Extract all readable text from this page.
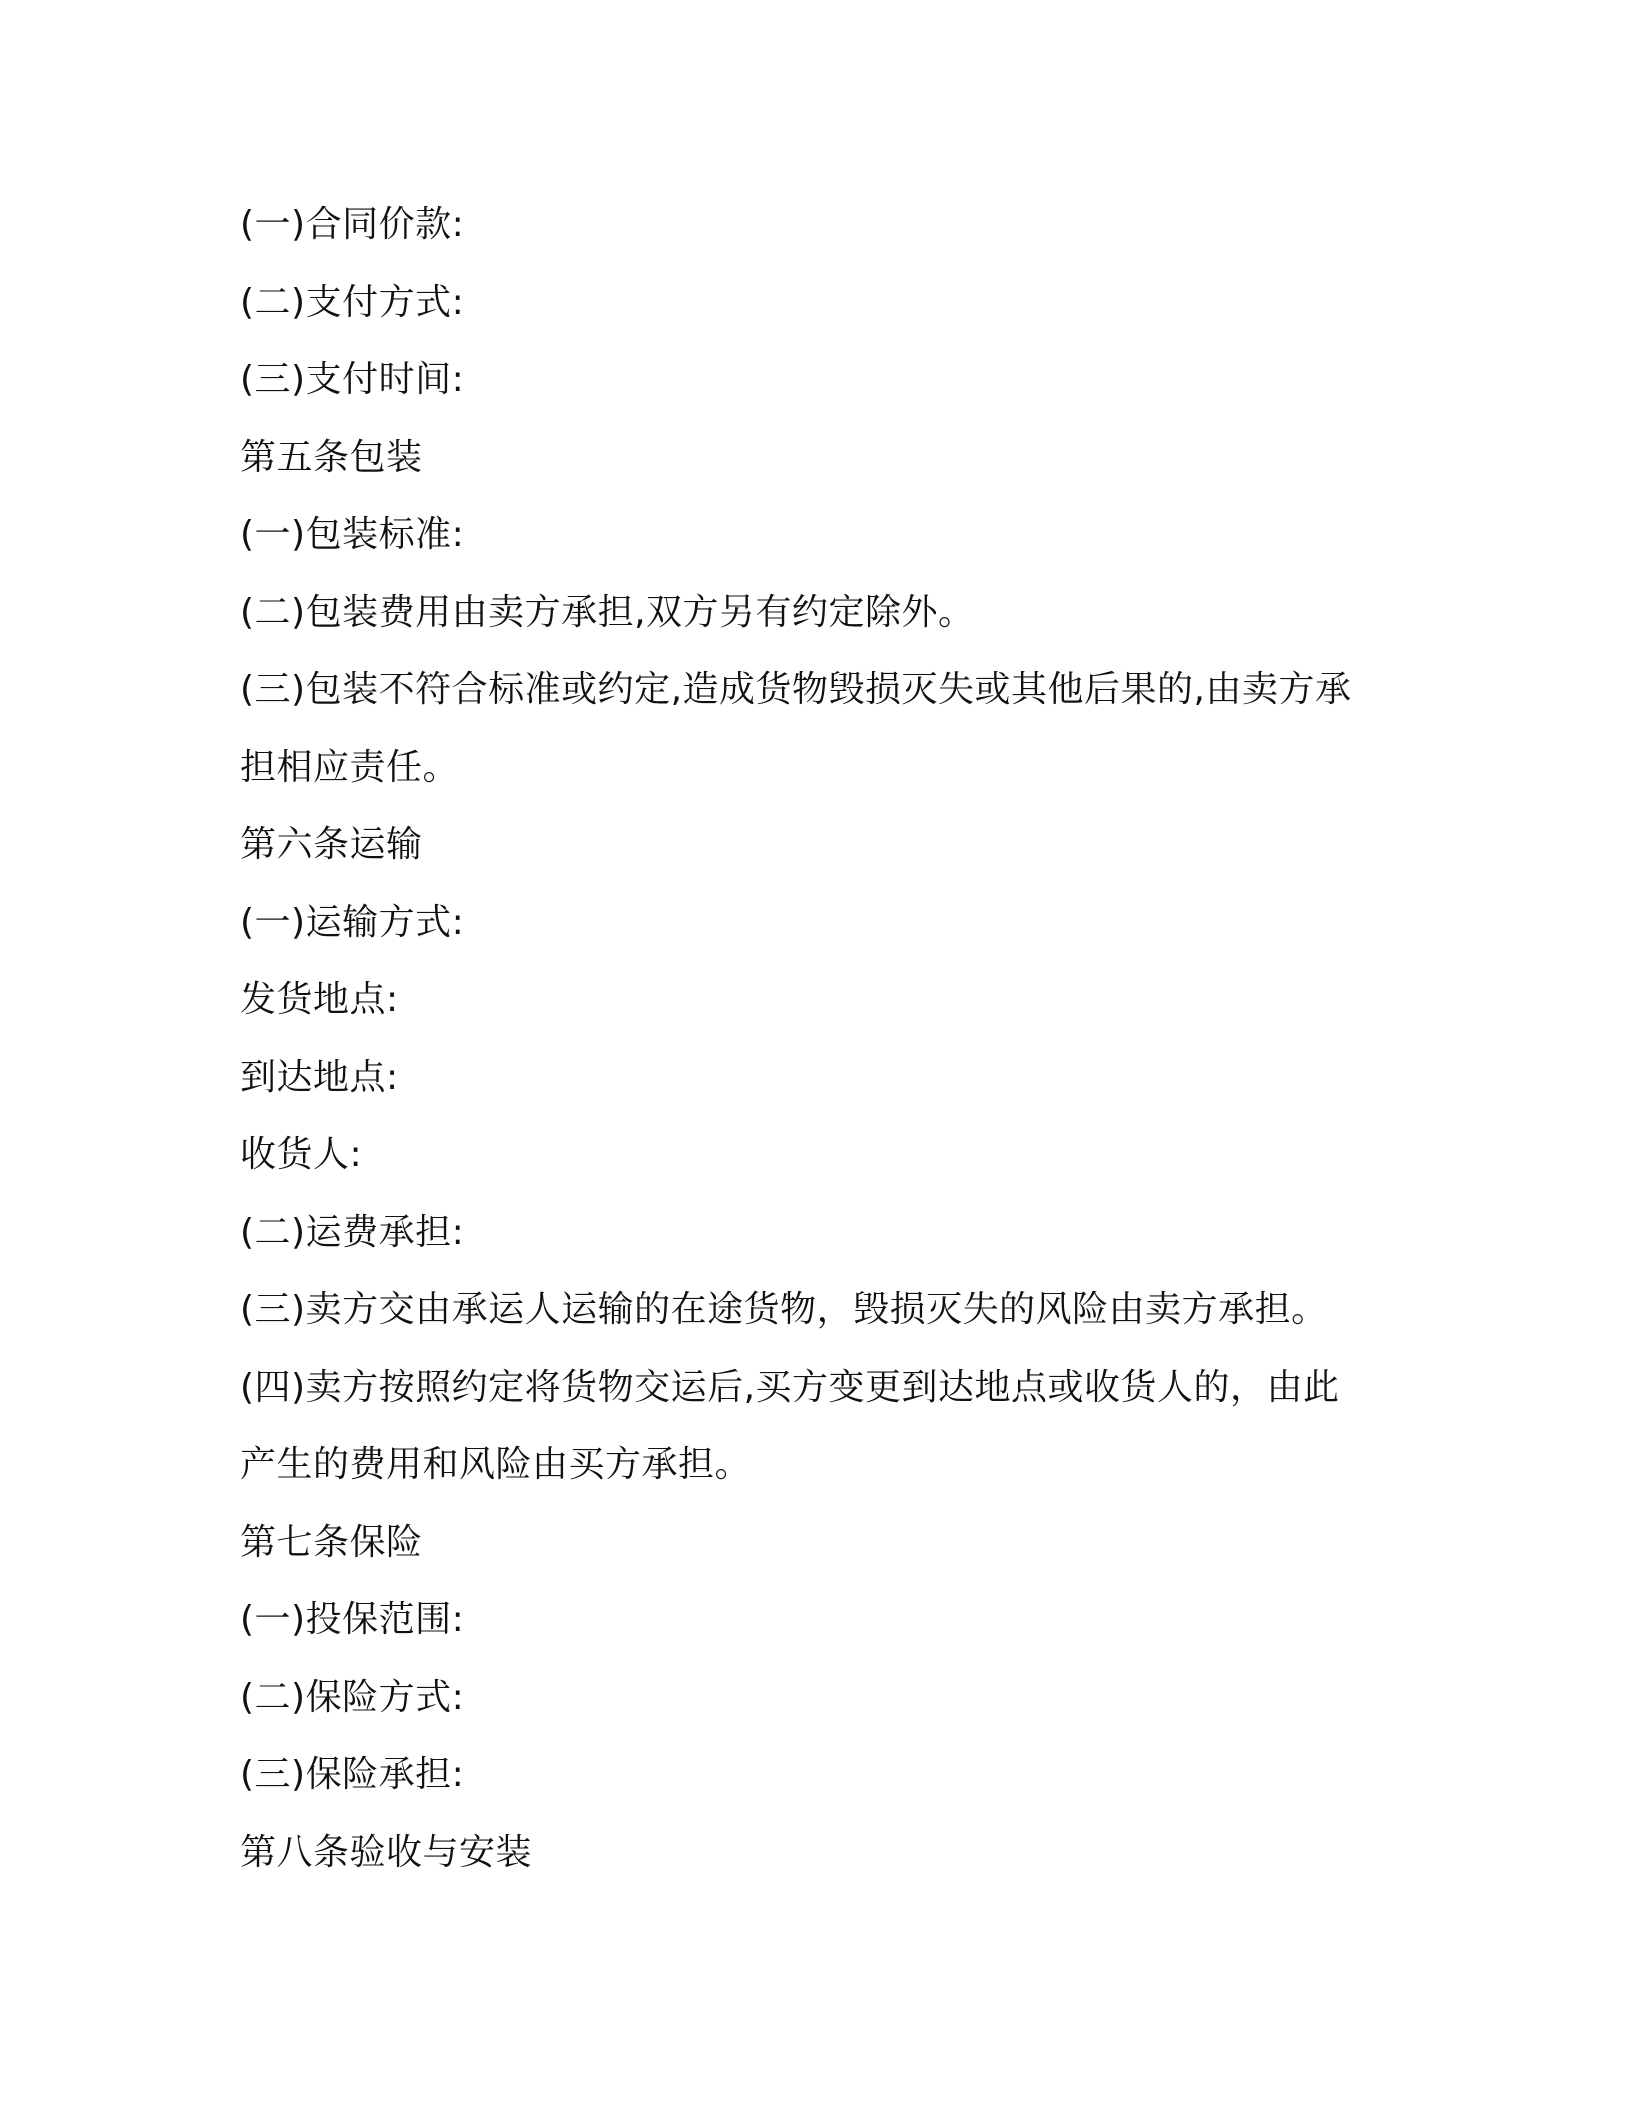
(一)合同价款:
(二)支付方式:
(三)支付时间:
第五条包装
(一)包装标准:
(二)包装费用由卖方承担,双方另有约定除外。
(三)包装不符合标准或约定,造成货物毁损灭失或其他后果的,由卖方承
担相应责任。
第六条运输
(一)运输方式:
发货地点:
到达地点:
收货人:
(二)运费承担:
(三)卖方交由承运人运输的在途货物，毁损灭失的风险由卖方承担。
(四)卖方按照约定将货物交运后,买方变更到达地点或收货人的，由此
产生的费用和风险由买方承担。
第七条保险
(一)投保范围:
(二)保险方式:
(三)保险承担:
第八条验收与安装
